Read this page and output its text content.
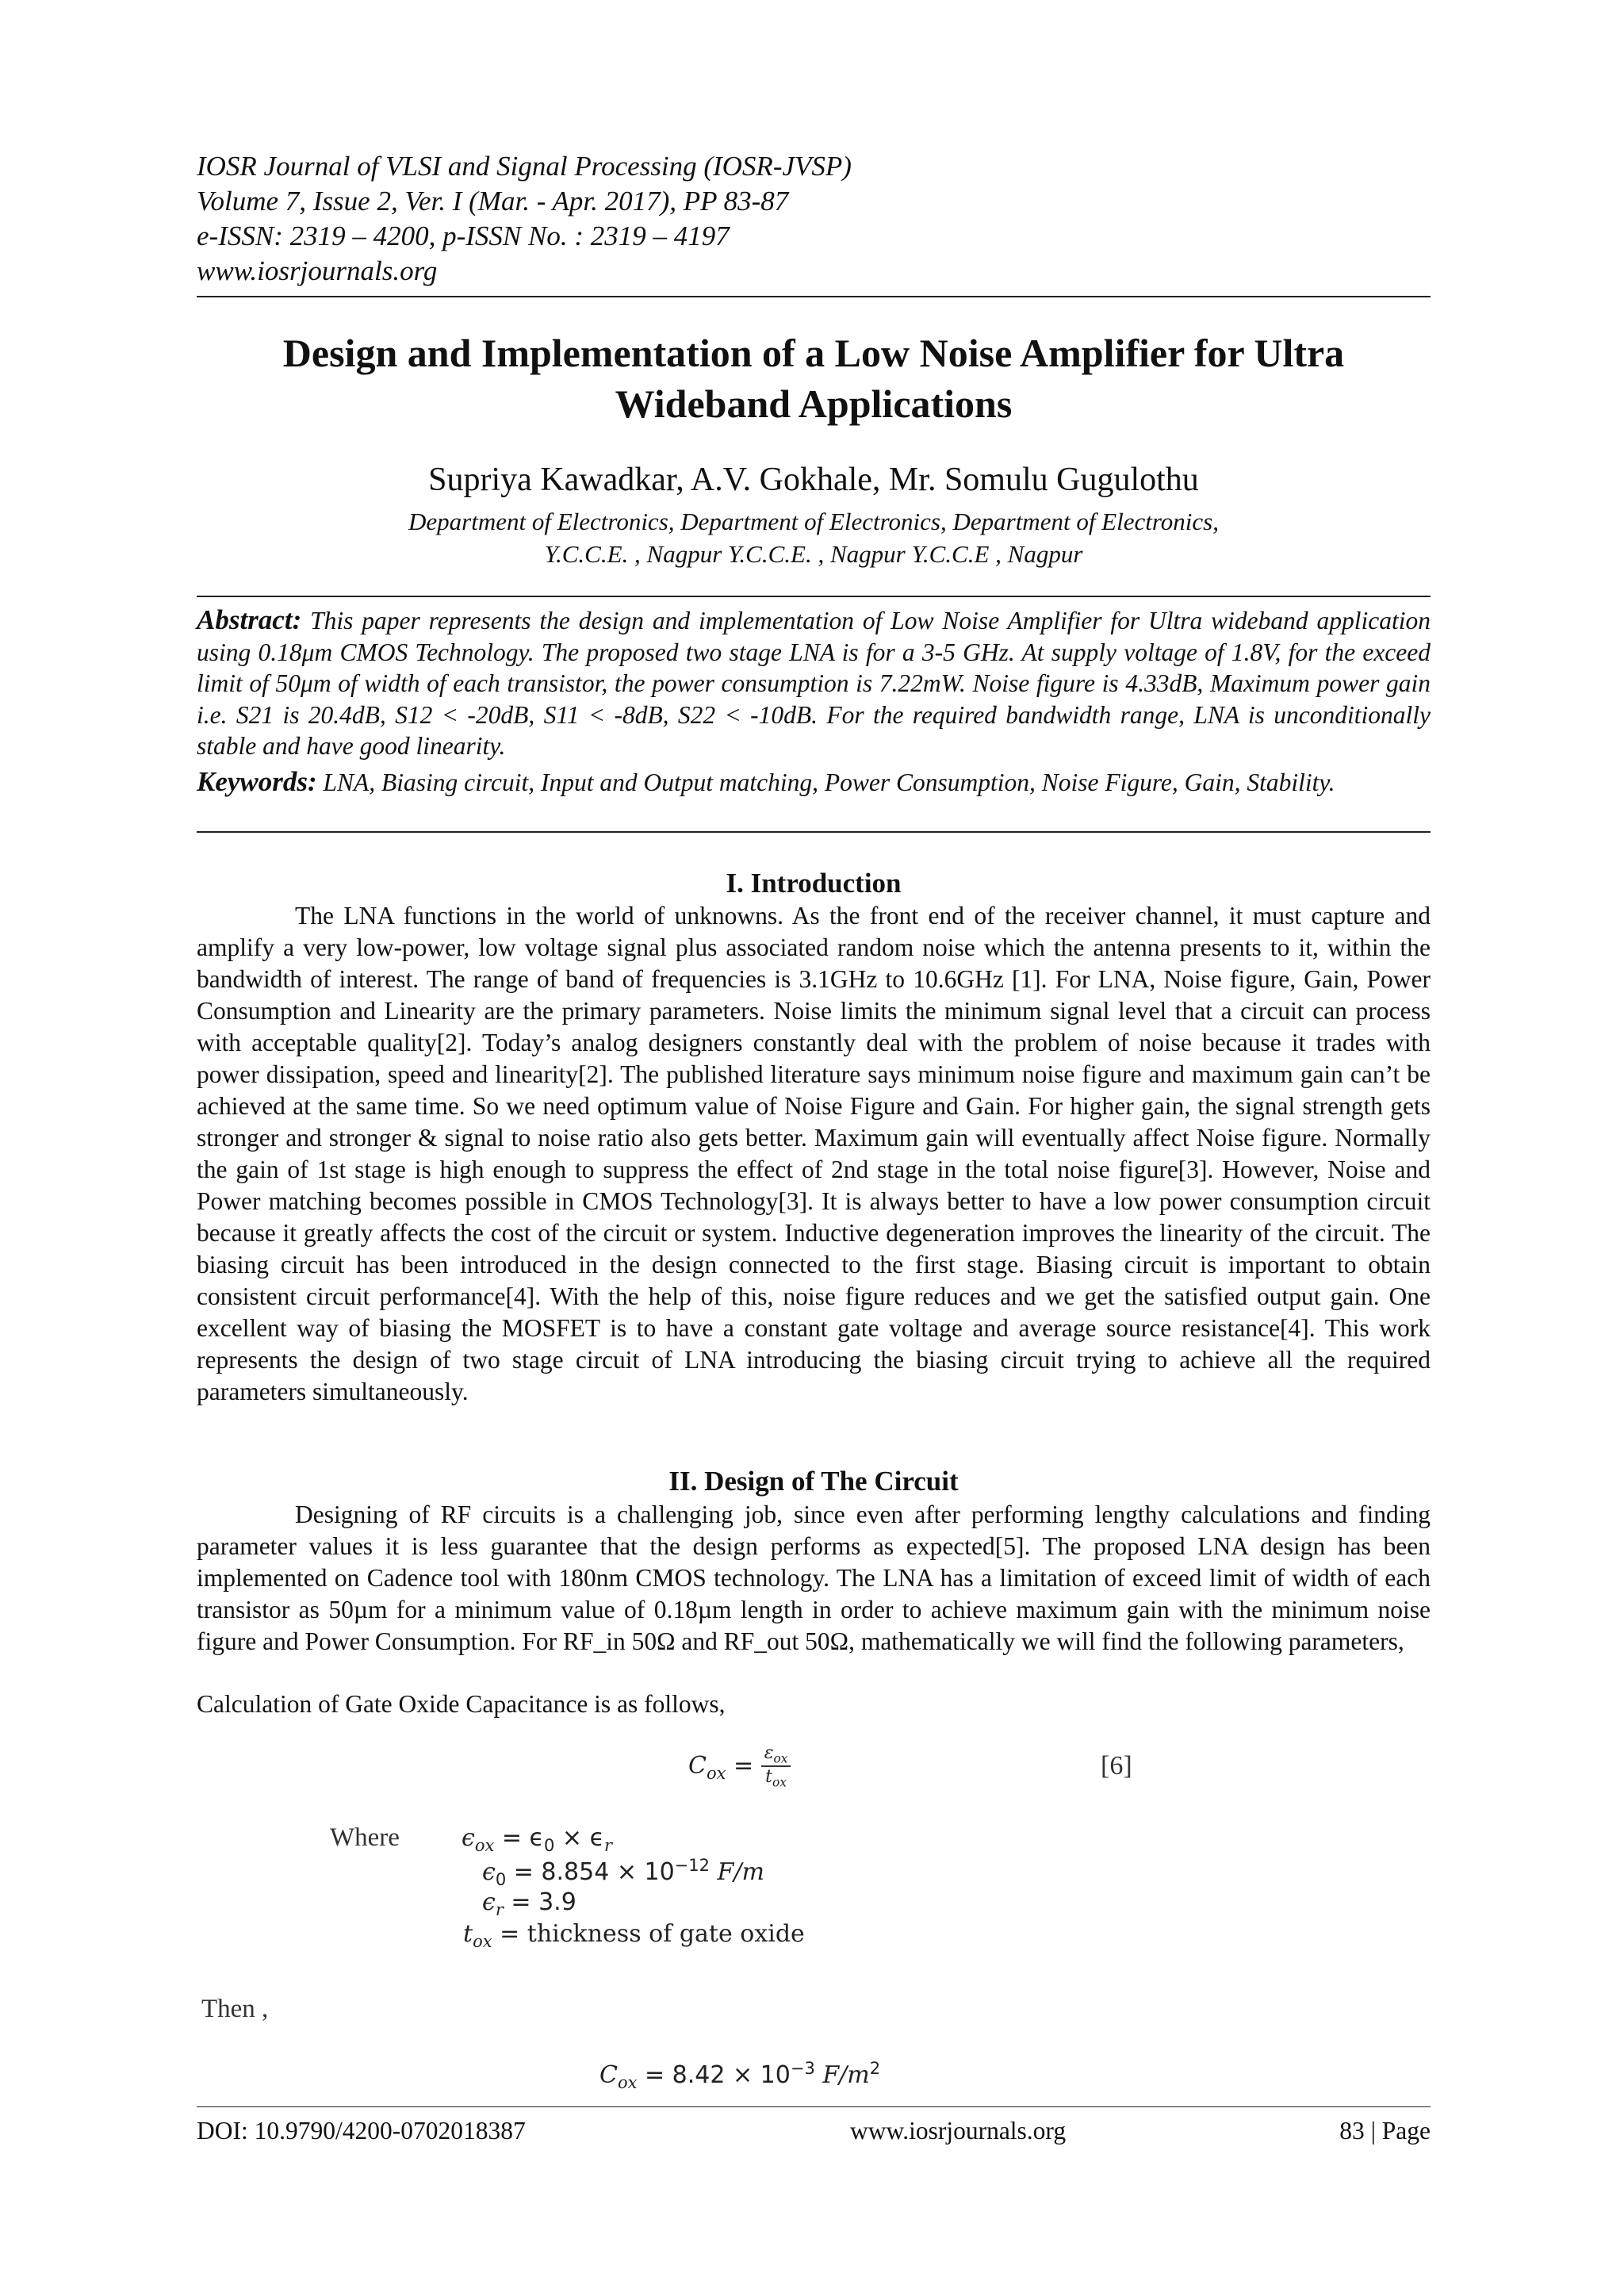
IOSR Journal of VLSI and Signal Processing (IOSR-JVSP)
Volume 7, Issue 2, Ver. I (Mar. - Apr. 2017), PP 83-87
e-ISSN: 2319 – 4200, p-ISSN No. : 2319 – 4197
www.iosrjournals.org
Design and Implementation of a Low Noise Amplifier for Ultra
Wideband Applications
Supriya Kawadkar, A.V. Gokhale, Mr. Somulu Gugulothu
Department of Electronics, Department of Electronics, Department of Electronics,
Y.C.C.E. , Nagpur Y.C.C.E. , Nagpur Y.C.C.E , Nagpur
Abstract: This paper represents the design and implementation of Low Noise Amplifier for Ultra wideband application using 0.18μm CMOS Technology. The proposed two stage LNA is for a 3-5 GHz. At supply voltage of 1.8V, for the exceed limit of 50μm of width of each transistor, the power consumption is 7.22mW. Noise figure is 4.33dB, Maximum power gain i.e. S21 is 20.4dB, S12 < -20dB, S11 < -8dB, S22 < -10dB. For the required bandwidth range, LNA is unconditionally stable and have good linearity.
Keywords: LNA, Biasing circuit, Input and Output matching, Power Consumption, Noise Figure, Gain, Stability.
I. Introduction

The LNA functions in the world of unknowns. As the front end of the receiver channel, it must capture and amplify a very low-power, low voltage signal plus associated random noise which the antenna presents to it, within the bandwidth of interest. The range of band of frequencies is 3.1GHz to 10.6GHz [1]. For LNA, Noise figure, Gain, Power Consumption and Linearity are the primary parameters. Noise limits the minimum signal level that a circuit can process with acceptable quality[2]. Today’s analog designers constantly deal with the problem of noise because it trades with power dissipation, speed and linearity[2]. The published literature says minimum noise figure and maximum gain can’t be achieved at the same time. So we need optimum value of Noise Figure and Gain. For higher gain, the signal strength gets stronger and stronger & signal to noise ratio also gets better. Maximum gain will eventually affect Noise figure. Normally the gain of 1st stage is high enough to suppress the effect of 2nd stage in the total noise figure[3]. However, Noise and Power matching becomes possible in CMOS Technology[3]. It is always better to have a low power consumption circuit because it greatly affects the cost of the circuit or system. Inductive degeneration improves the linearity of the circuit. The biasing circuit has been introduced in the design connected to the first stage. Biasing circuit is important to obtain consistent circuit performance[4]. With the help of this, noise figure reduces and we get the satisfied output gain. One excellent way of biasing the MOSFET is to have a constant gate voltage and average source resistance[4]. This work represents the design of two stage circuit of LNA introducing the biasing circuit trying to achieve all the required parameters simultaneously.

II. Design of The Circuit

Designing of RF circuits is a challenging job, since even after performing lengthy calculations and finding parameter values it is less guarantee that the design performs as expected[5]. The proposed LNA design has been implemented on Cadence tool with 180nm CMOS technology. The LNA has a limitation of exceed limit of width of each transistor as 50µm for a minimum value of 0.18µm length in order to achieve maximum gain with the minimum noise figure and Power Consumption. For RF_in 50Ω and RF_out 50Ω, mathematically we will find the following parameters,

Calculation of Gate Oxide Capacitance is as follows,
$C_{ox} = \frac{\varepsilon_{ox}}{t_{ox}}$	[6]
Where	$\epsilon_{ox} = \epsilon_0 \times \epsilon_r$
$\epsilon_0 = 8.854 \times 10^{-12}$ F/m
$\epsilon_r = 3.9$
$t_{ox}$ = thickness of gate oxide
Then ,
$C_{ox} = 8.42 \times 10^{-3}$ $F/m^2$
DOI: 10.9790/4200-0702018387	www.iosrjournals.org	83 | Page
